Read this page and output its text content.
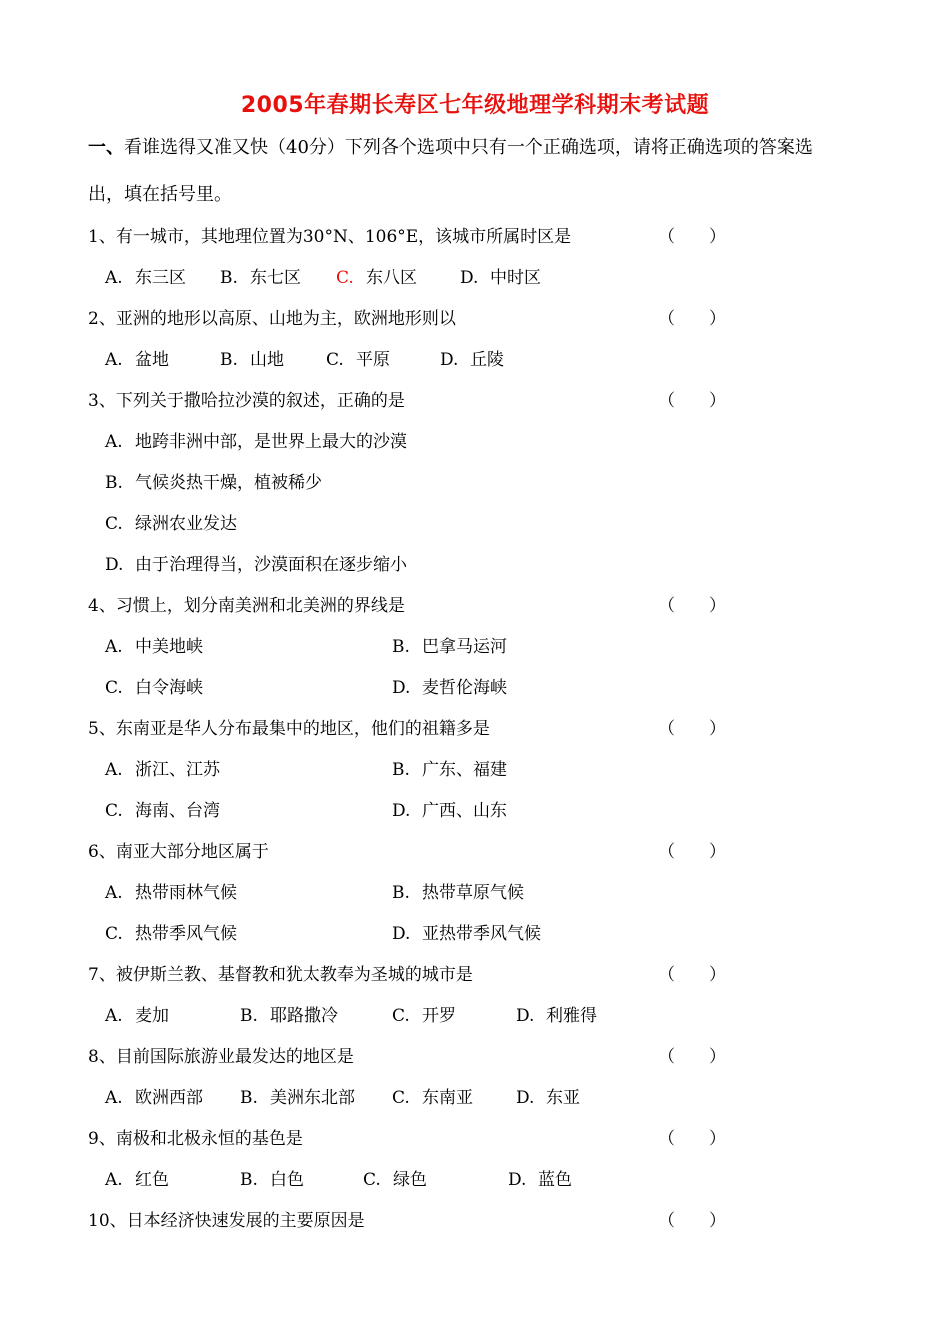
2005年春期长寿区七年级地理学科期末考试题
一、看谁选得又准又快（40分）下列各个选项中只有一个正确选项，请将正确选项的答案选
出，填在括号里。
1、有一城市，其地理位置为30°N、106°E，该城市所属时区是	（　　）
A. 东三区 B. 东七区 C. 东八区	D. 中时区
2、亚洲的地形以高原、山地为主，欧洲地形则以	（　　）
A. 盆地	B. 山地 C. 平原	D. 丘陵
3、下列关于撒哈拉沙漠的叙述，正确的是	（　　）
A. 地跨非洲中部，是世界上最大的沙漠
B. 气候炎热干燥，植被稀少
C. 绿洲农业发达
D. 由于治理得当，沙漠面积在逐步缩小
4、习惯上，划分南美洲和北美洲的界线是	（　　）
A. 中美地峡	B. 巴拿马运河
C. 白令海峡	D. 麦哲伦海峡
5、东南亚是华人分布最集中的地区，他们的祖籍多是	（　　）
A. 浙江、江苏	B. 广东、福建
C. 海南、台湾	D. 广西、山东
6、南亚大部分地区属于	（　　）
A. 热带雨林气候	B. 热带草原气候
C. 热带季风气候	D. 亚热带季风气候
7、被伊斯兰教、基督教和犹太教奉为圣城的城市是	（　　）
A. 麦加	B. 耶路撒冷	C. 开罗	D. 利雅得
8、目前国际旅游业最发达的地区是	（　　）
A. 欧洲西部 B. 美洲东北部 C. 东南亚	D. 东亚
9、南极和北极永恒的基色是	（　　）
A. 红色	B. 白色	C. 绿色	D. 蓝色
10、日本经济快速发展的主要原因是	（　　）
